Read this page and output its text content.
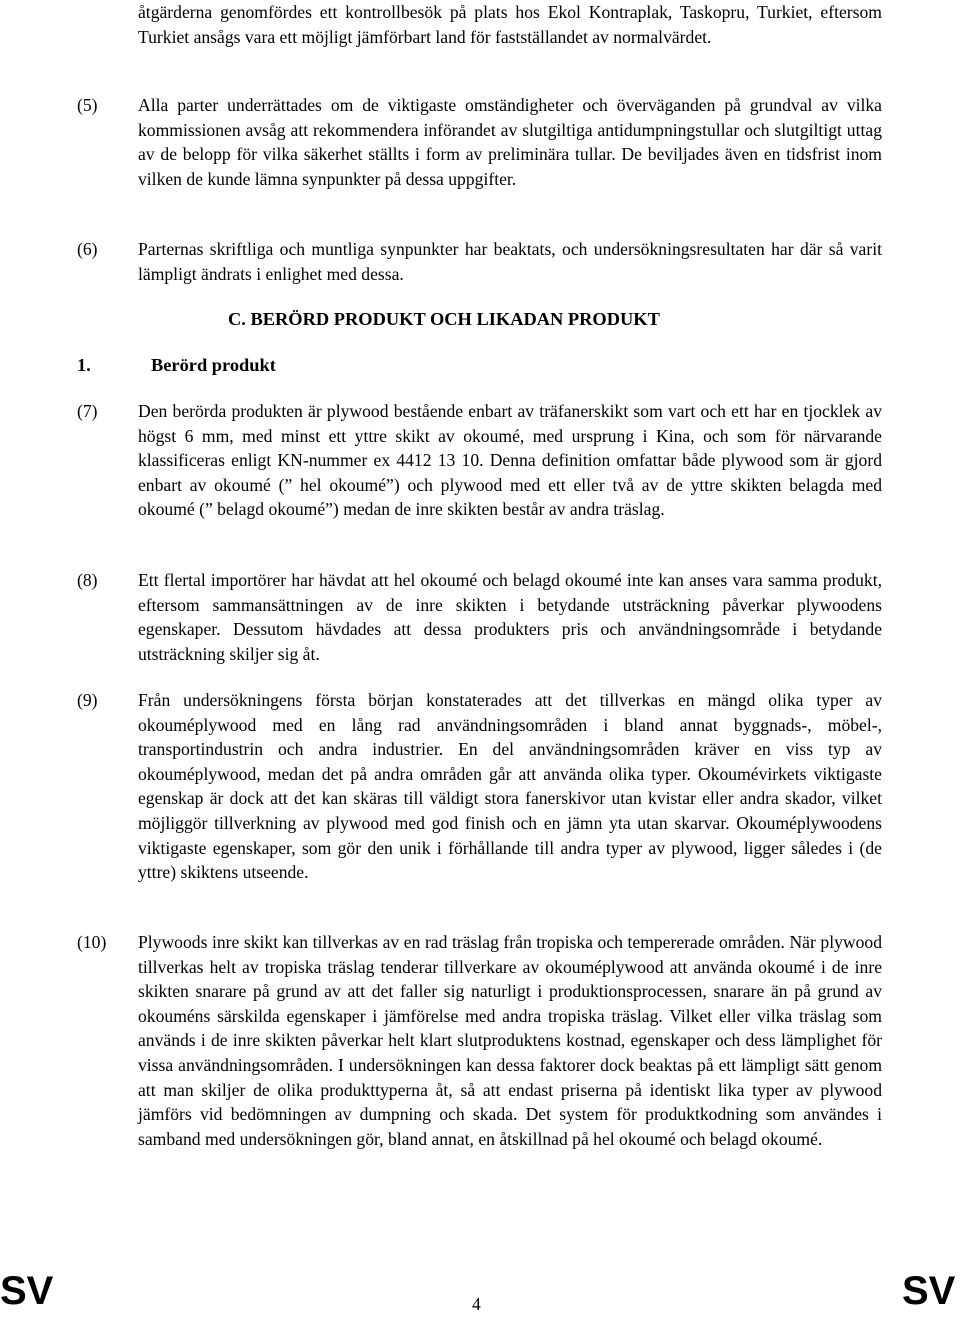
åtgärderna genomfördes ett kontrollbesök på plats hos Ekol Kontraplak, Taskopru, Turkiet, eftersom Turkiet ansågs vara ett möjligt jämförbart land för fastställandet av normalvärdet.

(5) Alla parter underrättades om de viktigaste omständigheter och överväganden på grundval av vilka kommissionen avsåg att rekommendera införandet av slutgiltiga antidumpningstullar och slutgiltigt uttag av de belopp för vilka säkerhet ställts i form av preliminära tullar. De beviljades även en tidsfrist inom vilken de kunde lämna synpunkter på dessa uppgifter.

(6) Parternas skriftliga och muntliga synpunkter har beaktats, och undersökningsresultaten har där så varit lämpligt ändrats i enlighet med dessa.

C. BERÖRD PRODUKT OCH LIKADAN PRODUKT
1.	Berörd produkt
(7) Den berörda produkten är plywood bestående enbart av träfanerskikt som vart och ett har en tjocklek av högst 6 mm, med minst ett yttre skikt av okoumé, med ursprung i Kina, och som för närvarande klassificeras enligt KN-nummer ex 4412 13 10. Denna definition omfattar både plywood som är gjord enbart av okoumé (” hel okoumé”) och plywood med ett eller två av de yttre skikten belagda med okoumé (” belagd okoumé”) medan de inre skikten består av andra träslag.

(8) Ett flertal importörer har hävdat att hel okoumé och belagd okoumé inte kan anses vara samma produkt, eftersom sammansättningen av de inre skikten i betydande utsträckning påverkar plywoodens egenskaper. Dessutom hävdades att dessa produkters pris och användningsområde i betydande utsträckning skiljer sig åt.

(9) Från undersökningens första början konstaterades att det tillverkas en mängd olika typer av okouméplywood med en lång rad användningsområden i bland annat byggnads-, möbel-, transportindustrin och andra industrier. En del användningsområden kräver en viss typ av okouméplywood, medan det på andra områden går att använda olika typer. Okoumévirkets viktigaste egenskap är dock att det kan skäras till väldigt stora fanerskivor utan kvistar eller andra skador, vilket möjliggör tillverkning av plywood med god finish och en jämn yta utan skarvar. Okouméplywoodens viktigaste egenskaper, som gör den unik i förhållande till andra typer av plywood, ligger således i (de yttre) skiktens utseende.

(10) Plywoods inre skikt kan tillverkas av en rad träslag från tropiska och tempererade områden. När plywood tillverkas helt av tropiska träslag tenderar tillverkare av okouméplywood att använda okoumé i de inre skikten snarare på grund av att det faller sig naturligt i produktionsprocessen, snarare än på grund av okouméns särskilda egenskaper i jämförelse med andra tropiska träslag. Vilket eller vilka träslag som används i de inre skikten påverkar helt klart slutproduktens kostnad, egenskaper och dess lämplighet för vissa användningsområden. I undersökningen kan dessa faktorer dock beaktas på ett lämpligt sätt genom att man skiljer de olika produkttyperna åt, så att endast priserna på identiskt lika typer av plywood jämförs vid bedömningen av dumpning och skada. Det system för produktkodning som användes i samband med undersökningen gör, bland annat, en åtskillnad på hel okoumé och belagd okoumé.

SV	4	SV
